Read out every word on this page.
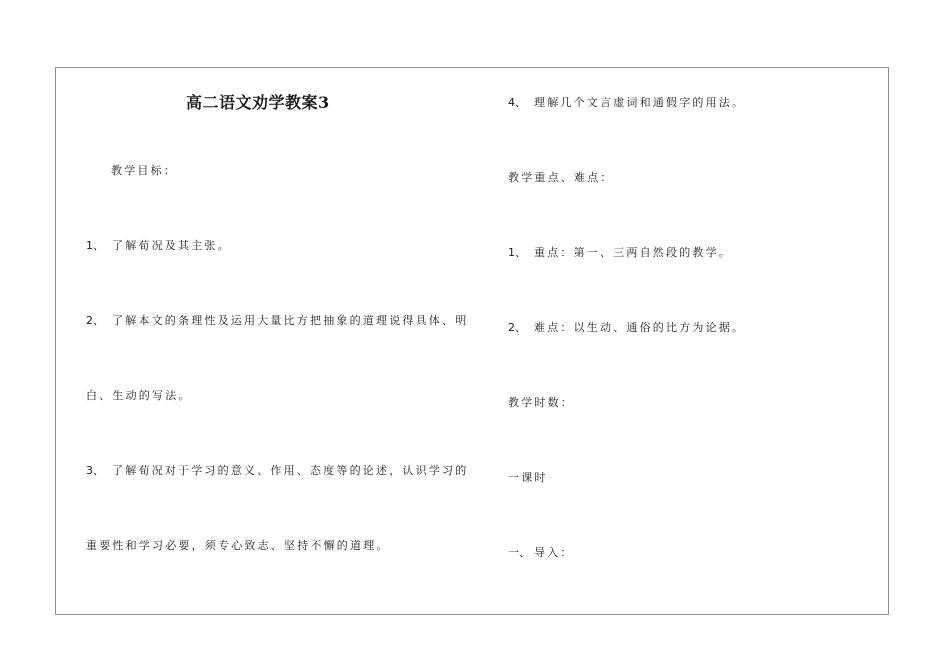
高二语文劝学教案3
教学目标：
1、 了解荀况及其主张。
2、 了解本文的条理性及运用大量比方把抽象的道理说得具体、明
白、生动的写法。
3、 了解荀况对于学习的意义、作用、态度等的论述，认识学习的
重要性和学习必要，须专心致志、坚持不懈的道理。
4、 理解几个文言虚词和通假字的用法。
教学重点、难点：
1、 重点：第一、三两自然段的教学。
2、 难点：以生动、通俗的比方为论据。
教学时数：
一课时
一、 导入：
